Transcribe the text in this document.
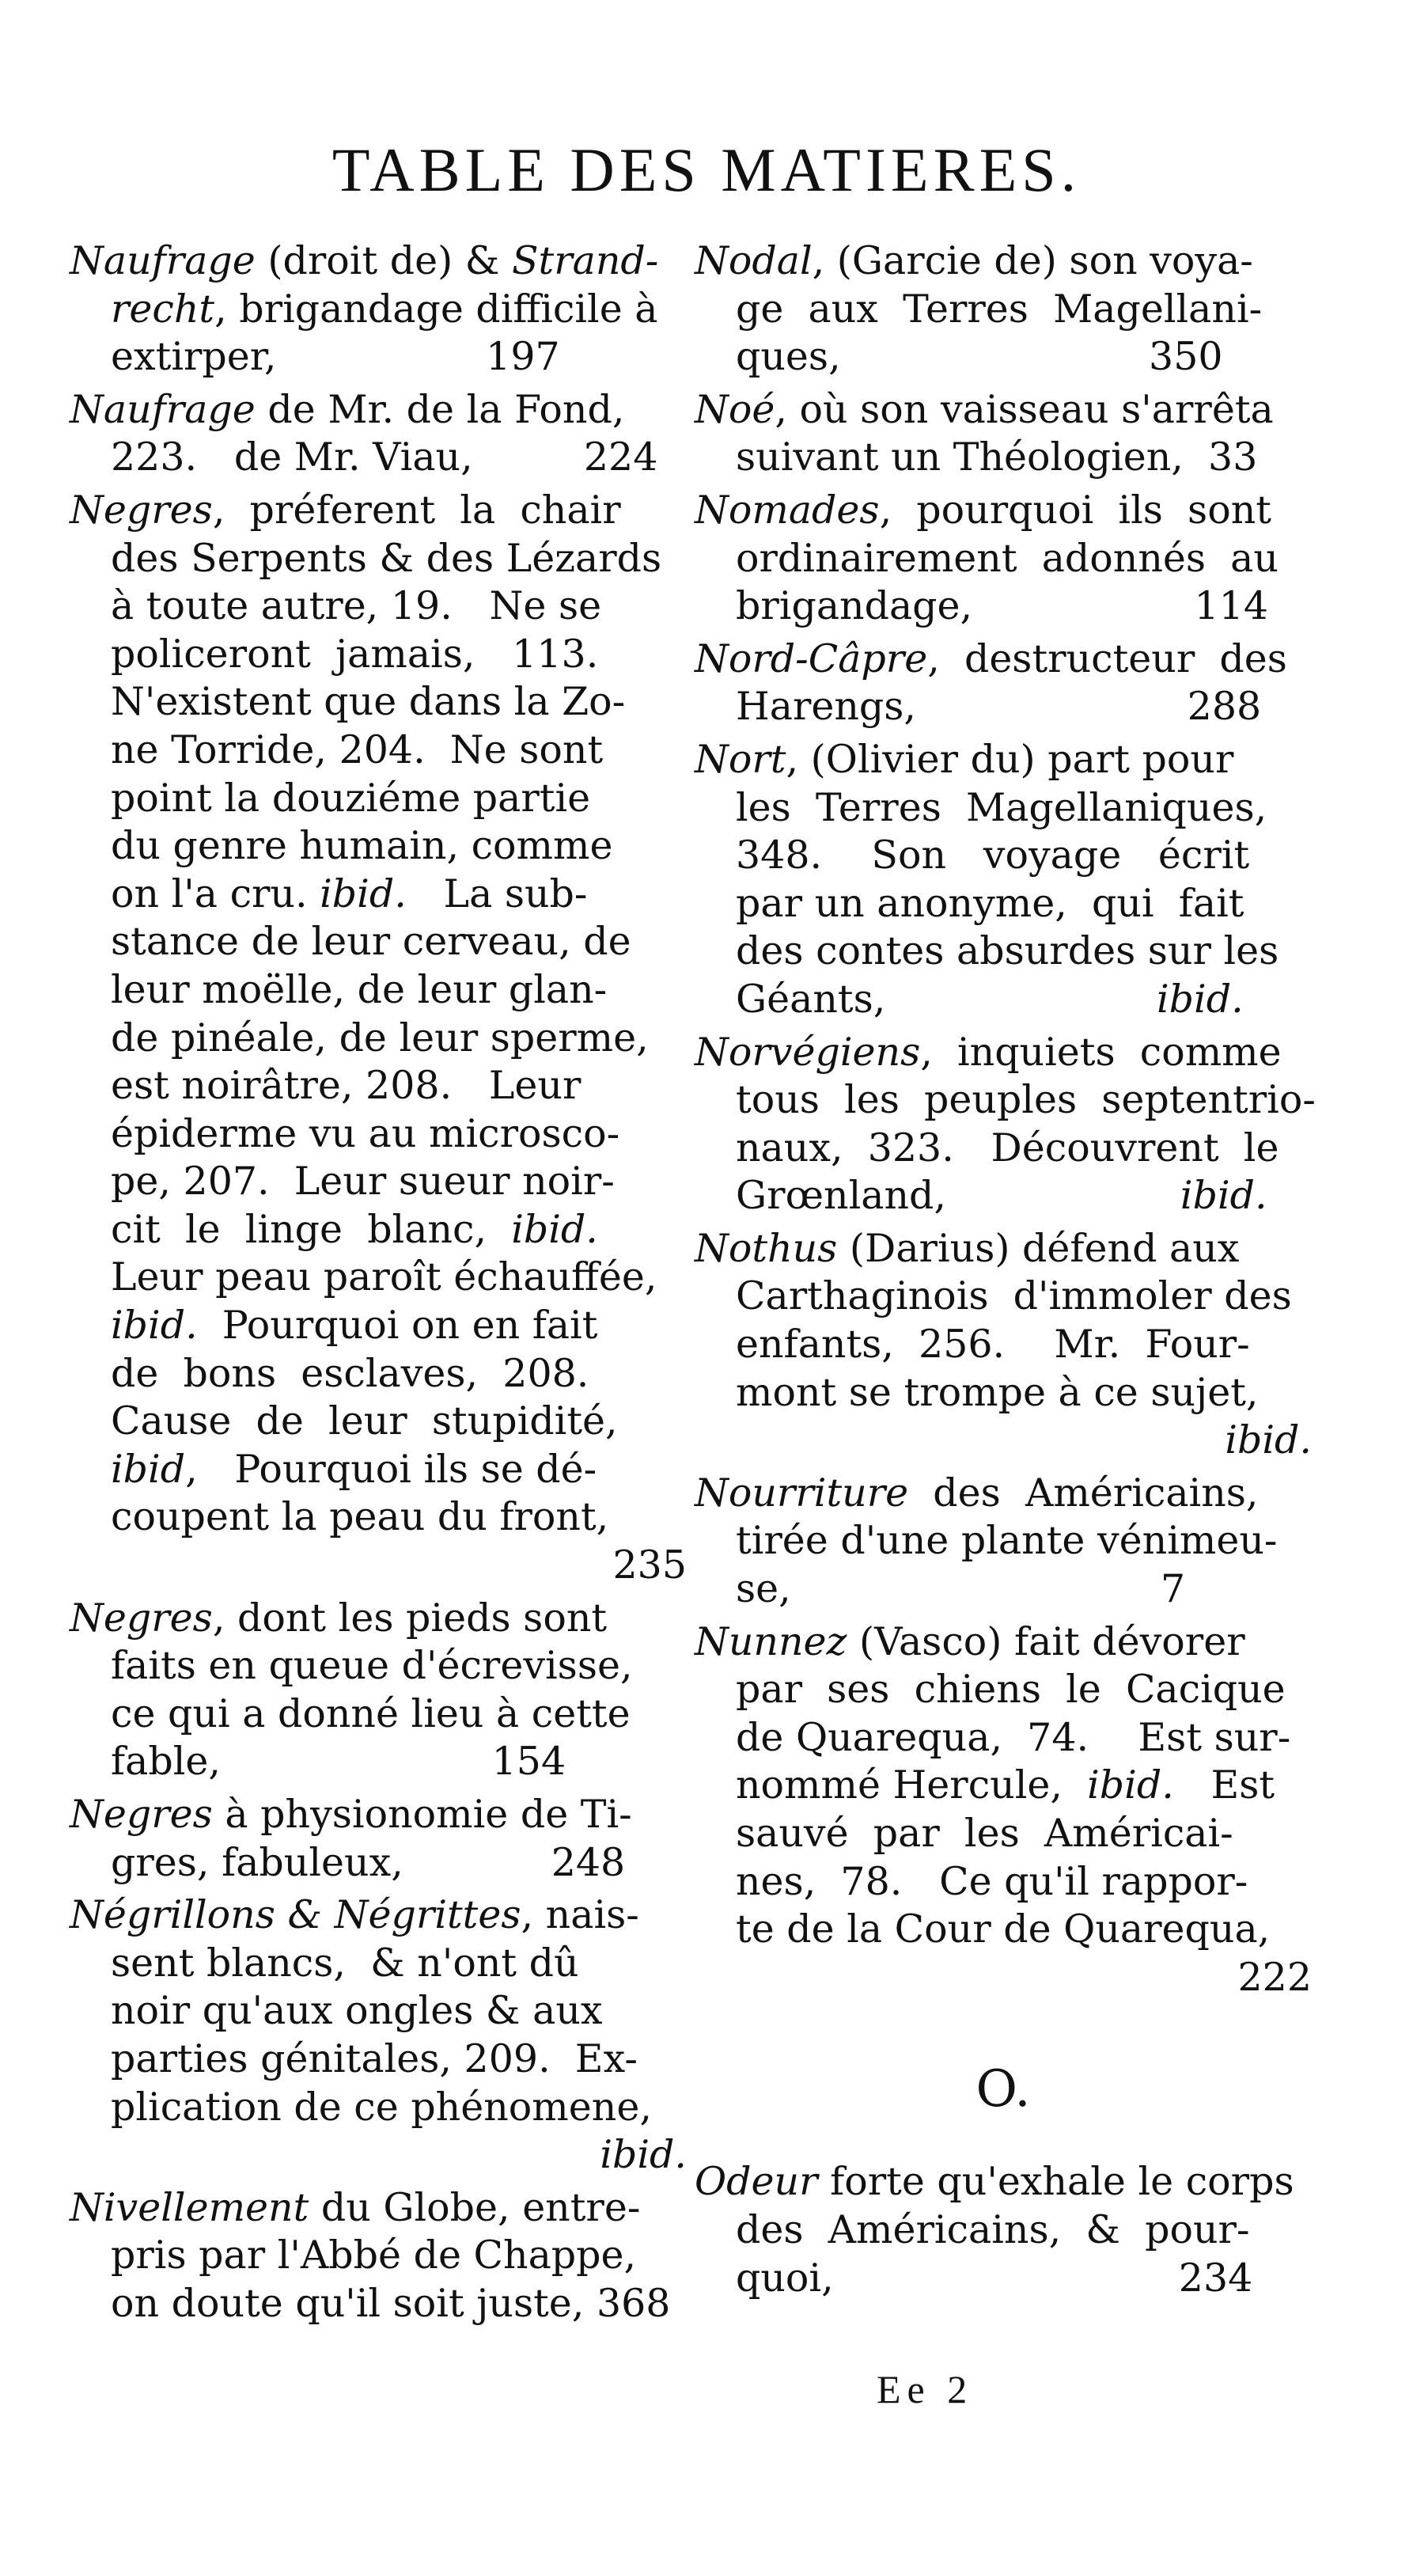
TABLE DES MATIERES.
Naufrage (droit de) & Strand-
recht, brigandage difficile à
extirper,                 197
Naufrage de Mr. de la Fond,
223.   de Mr. Viau,         224
Negres,  préferent  la  chair
des Serpents & des Lézards
à toute autre, 19.   Ne se
policeront  jamais,   113.
N'existent que dans la Zo-
ne Torride, 204.  Ne sont
point la douziéme partie
du genre humain, comme
on l'a cru. ibid.   La sub-
stance de leur cerveau, de
leur moëlle, de leur glan-
de pinéale, de leur sperme,
est noirâtre, 208.   Leur
épiderme vu au microsco-
pe, 207.  Leur sueur noir-
cit  le  linge  blanc,  ibid.
Leur peau paroît échauffée,
ibid.  Pourquoi on en fait
de  bons  esclaves,  208.
Cause  de  leur  stupidité,
ibid,   Pourquoi ils se dé-
coupent la peau du front,
235
Negres, dont les pieds sont
faits en queue d'écrevisse,
ce qui a donné lieu à cette
fable,                      154
Negres à physionomie de Ti-
gres, fabuleux,            248
Négrillons & Négrittes, nais-
sent blancs,  & n'ont dû
noir qu'aux ongles & aux
parties génitales, 209.  Ex-
plication de ce phénomene,
ibid.
Nivellement du Globe, entre-
pris par l'Abbé de Chappe,
on doute qu'il soit juste, 368
Nodal, (Garcie de) son voya-
ge  aux  Terres  Magellani-
ques,                         350
Noé, où son vaisseau s'arrêta
suivant un Théologien,  33
Nomades,  pourquoi  ils  sont
ordinairement  adonnés  au
brigandage,                  114
Nord-Câpre,  destructeur  des
Harengs,                      288
Nort, (Olivier du) part pour
les  Terres  Magellaniques,
348.    Son   voyage   écrit
par un anonyme,  qui  fait
des contes absurdes sur les
Géants,                      ibid.
Norvégiens,  inquiets  comme
tous  les  peuples  septentrio-
naux,  323.   Découvrent  le
Grœnland,                   ibid.
Nothus (Darius) défend aux
Carthaginois  d'immoler des
enfants,  256.    Mr.  Four-
mont se trompe à ce sujet,
ibid.
Nourriture  des  Américains,
tirée d'une plante vénimeu-
se,                              7
Nunnez (Vasco) fait dévorer
par  ses  chiens  le  Cacique
de Quarequa,  74.    Est sur-
nommé Hercule,  ibid.   Est
sauvé  par  les  Américai-
nes,  78.   Ce qu'il rappor-
te de la Cour de Quarequa,
222
O.
Odeur forte qu'exhale le corps
des  Américains,  &  pour-
quoi,                            234
Ee 2
